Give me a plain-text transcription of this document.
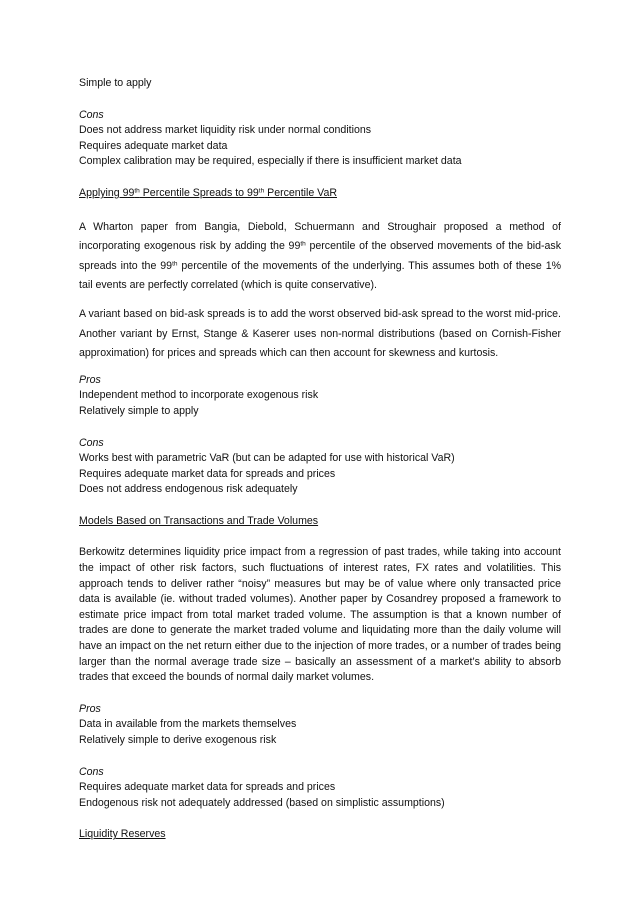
Simple to apply
Cons
Does not address market liquidity risk under normal conditions
Requires adequate market data
Complex calibration may be required, especially if there is insufficient market data
Applying 99th Percentile Spreads to 99th Percentile VaR
A Wharton paper from Bangia, Diebold, Schuermann and Stroughair proposed a method of incorporating exogenous risk by adding the 99th percentile of the observed movements of the bid-ask spreads into the 99th percentile of the movements of the underlying. This assumes both of these 1% tail events are perfectly correlated (which is quite conservative).
A variant based on bid-ask spreads is to add the worst observed bid-ask spread to the worst mid-price. Another variant by Ernst, Stange & Kaserer uses non-normal distributions (based on Cornish-Fisher approximation) for prices and spreads which can then account for skewness and kurtosis.
Pros
Independent method to incorporate exogenous risk
Relatively simple to apply
Cons
Works best with parametric VaR (but can be adapted for use with historical VaR)
Requires adequate market data for spreads and prices
Does not address endogenous risk adequately
Models Based on Transactions and Trade Volumes
Berkowitz determines liquidity price impact from a regression of past trades, while taking into account the impact of other risk factors, such fluctuations of interest rates, FX rates and volatilities. This approach tends to deliver rather “noisy” measures but may be of value where only transacted price data is available (ie. without traded volumes). Another paper by Cosandrey proposed a framework to estimate price impact from total market traded volume. The assumption is that a known number of trades are done to generate the market traded volume and liquidating more than the daily volume will have an impact on the net return either due to the injection of more trades, or a number of trades being larger than the normal average trade size – basically an assessment of a market’s ability to absorb trades that exceed the bounds of normal daily market volumes.
Pros
Data in available from the markets themselves
Relatively simple to derive exogenous risk
Cons
Requires adequate market data for spreads and prices
Endogenous risk not adequately addressed (based on simplistic assumptions)
Liquidity Reserves
